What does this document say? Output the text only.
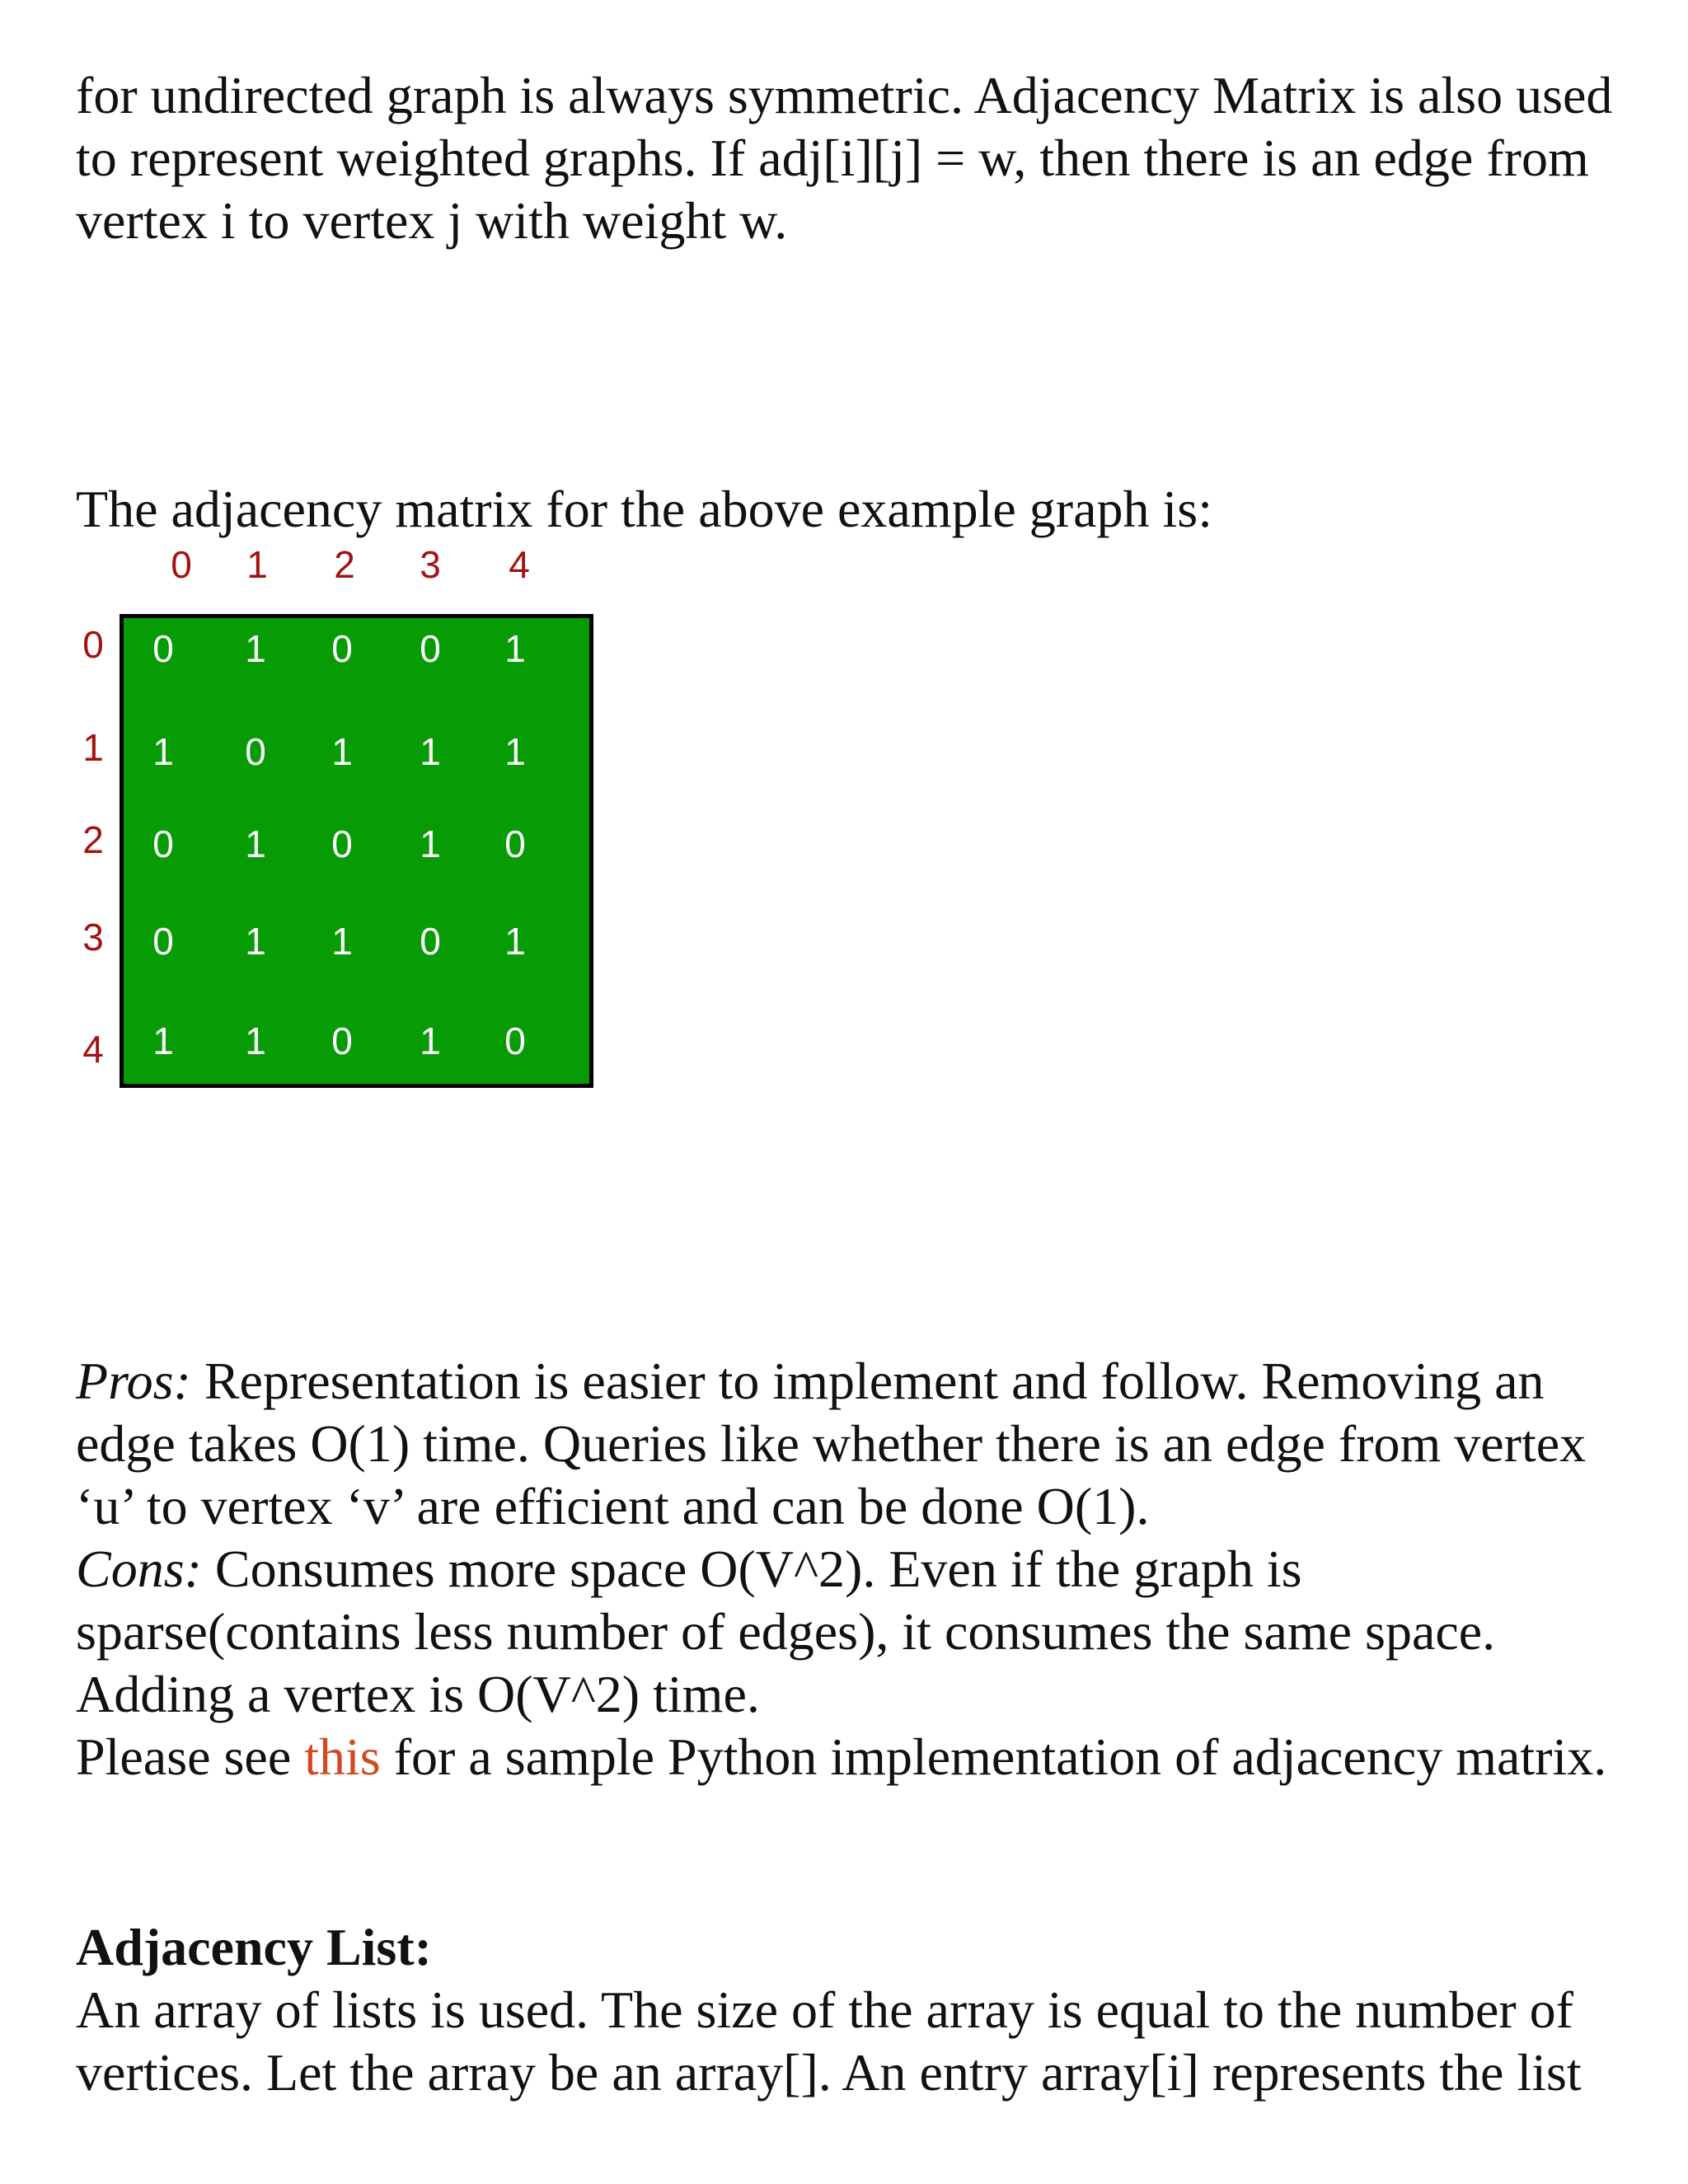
for undirected graph is always symmetric. Adjacency Matrix is also used
to represent weighted graphs. If adj[i][j] = w, then there is an edge from
vertex i to vertex j with weight w.

The adjacency matrix for the above example graph is:

0 1 0 0 1
1 0 1 1 1
0 1 0 1 0
0 1 1 0 1
1 1 0 1 0
0 1 2 3 4
0
1
2
3
4
Pros: Representation is easier to implement and follow. Removing an
edge takes O(1) time. Queries like whether there is an edge from vertex
‘u’ to vertex ‘v’ are efficient and can be done O(1).
Cons: Consumes more space O(V^2). Even if the graph is
sparse(contains less number of edges), it consumes the same space.
Adding a vertex is O(V^2) time.
Please see this for a sample Python implementation of adjacency matrix.
Adjacency List:
An array of lists is used. The size of the array is equal to the number of
vertices. Let the array be an array[]. An entry array[i] represents the list
